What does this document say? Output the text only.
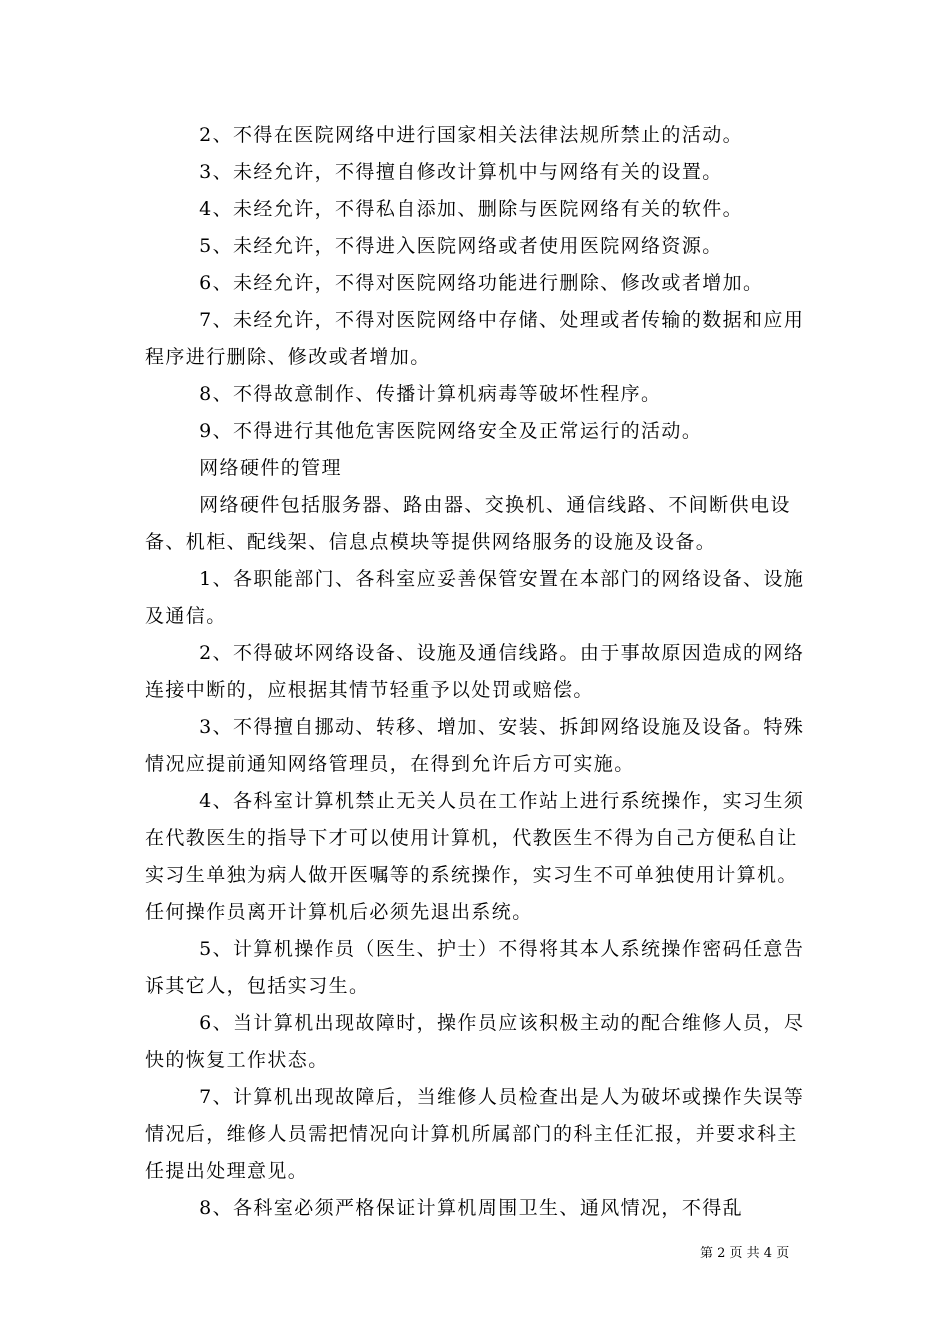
2、不得在医院网络中进行国家相关法律法规所禁止的活动。

3、未经允许，不得擅自修改计算机中与网络有关的设置。

4、未经允许，不得私自添加、删除与医院网络有关的软件。

5、未经允许，不得进入医院网络或者使用医院网络资源。

6、未经允许，不得对医院网络功能进行删除、修改或者增加。

7、未经允许，不得对医院网络中存储、处理或者传输的数据和应用程序进行删除、修改或者增加。

8、不得故意制作、传播计算机病毒等破坏性程序。

9、不得进行其他危害医院网络安全及正常运行的活动。

网络硬件的管理

网络硬件包括服务器、路由器、交换机、通信线路、不间断供电设备、机柜、配线架、信息点模块等提供网络服务的设施及设备。

1、各职能部门、各科室应妥善保管安置在本部门的网络设备、设施及通信。

2、不得破坏网络设备、设施及通信线路。由于事故原因造成的网络连接中断的，应根据其情节轻重予以处罚或赔偿。

3、不得擅自挪动、转移、增加、安装、拆卸网络设施及设备。特殊情况应提前通知网络管理员，在得到允许后方可实施。

4、各科室计算机禁止无关人员在工作站上进行系统操作，实习生须在代教医生的指导下才可以使用计算机，代教医生不得为自己方便私自让实习生单独为病人做开医嘱等的系统操作，实习生不可单独使用计算机。任何操作员离开计算机后必须先退出系统。

5、计算机操作员（医生、护士）不得将其本人系统操作密码任意告诉其它人，包括实习生。

6、当计算机出现故障时，操作员应该积极主动的配合维修人员，尽快的恢复工作状态。

7、计算机出现故障后，当维修人员检查出是人为破坏或操作失误等情况后，维修人员需把情况向计算机所属部门的科主任汇报，并要求科主任提出处理意见。

8、各科室必须严格保证计算机周围卫生、通风情况，不得乱

第 2 页 共 4 页
